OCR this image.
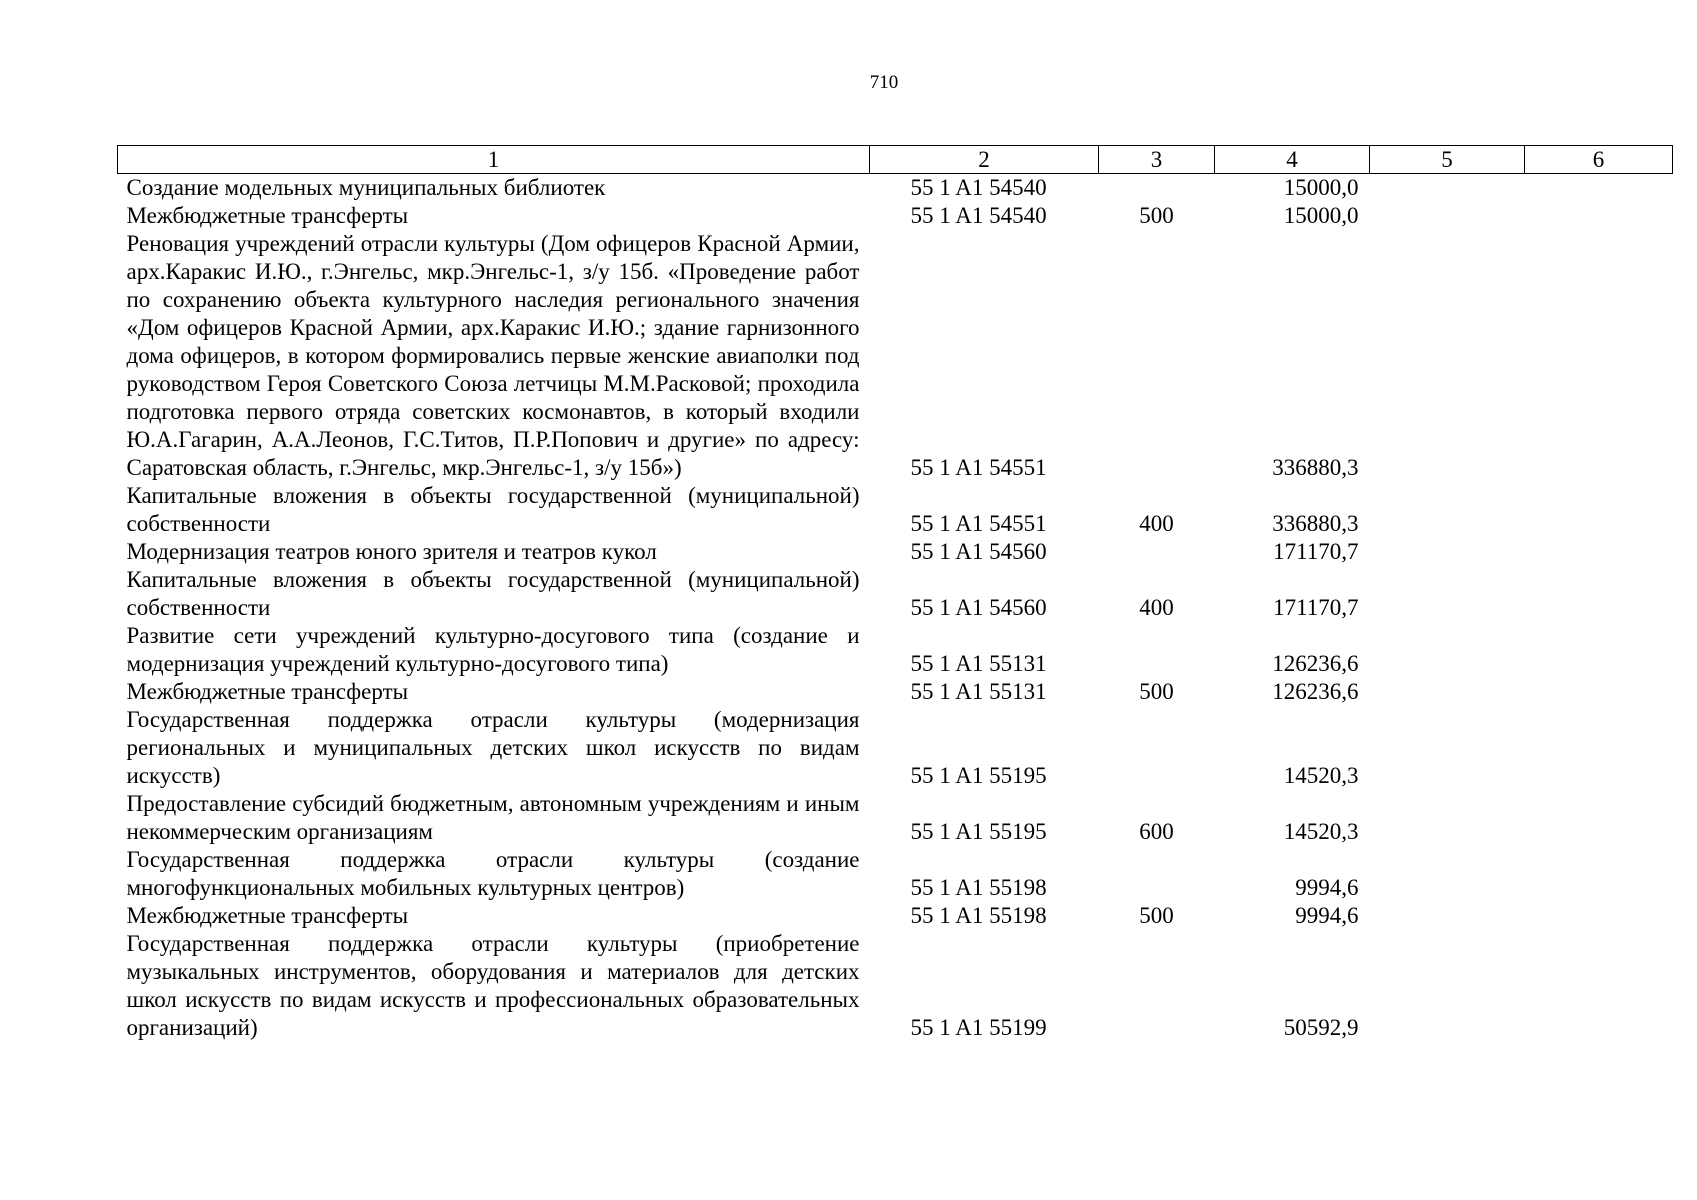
710
1	2	3	4	5	6
Создание модельных муниципальных библиотек	55 1 A1 54540		15000,0		
Межбюджетные трансферты	55 1 A1 54540	500	15000,0		
Реновация учреждений отрасли культуры (Дом офицеров Красной Армии, арх.Каракис И.Ю., г.Энгельс, мкр.Энгельс-1, з/у 15б. «Проведение работ по сохранению объекта культурного наследия регионального значения «Дом офицеров Красной Армии, арх.Каракис И.Ю.; здание гарнизонного дома офицеров, в котором формировались первые женские авиаполки под руководством Героя Советского Союза летчицы М.М.Расковой; проходила подготовка первого отряда советских космонавтов, в который входили Ю.А.Гагарин, А.А.Леонов, Г.С.Титов, П.Р.Попович и другие» по адресу: Саратовская область, г.Энгельс, мкр.Энгельс-1, з/у 15б»)	55 1 A1 54551		336880,3		
Капитальные вложения в объекты государственной (муниципальной) собственности	55 1 A1 54551	400	336880,3		
Модернизация театров юного зрителя и театров кукол	55 1 A1 54560		171170,7		
Капитальные вложения в объекты государственной (муниципальной) собственности	55 1 A1 54560	400	171170,7		
Развитие сети учреждений культурно-досугового типа (создание и модернизация учреждений культурно-досугового типа)	55 1 A1 55131		126236,6		
Межбюджетные трансферты	55 1 A1 55131	500	126236,6		
Государственная поддержка отрасли культуры (модернизация региональных и муниципальных детских школ искусств по видам искусств)	55 1 A1 55195		14520,3		
Предоставление субсидий бюджетным, автономным учреждениям и иным некоммерческим организациям	55 1 A1 55195	600	14520,3		
Государственная поддержка отрасли культуры (создание многофункциональных мобильных культурных центров)	55 1 A1 55198		9994,6		
Межбюджетные трансферты	55 1 A1 55198	500	9994,6		
Государственная поддержка отрасли культуры (приобретение музыкальных инструментов, оборудования и материалов для детских школ искусств по видам искусств и профессиональных образовательных организаций)	55 1 A1 55199		50592,9		
